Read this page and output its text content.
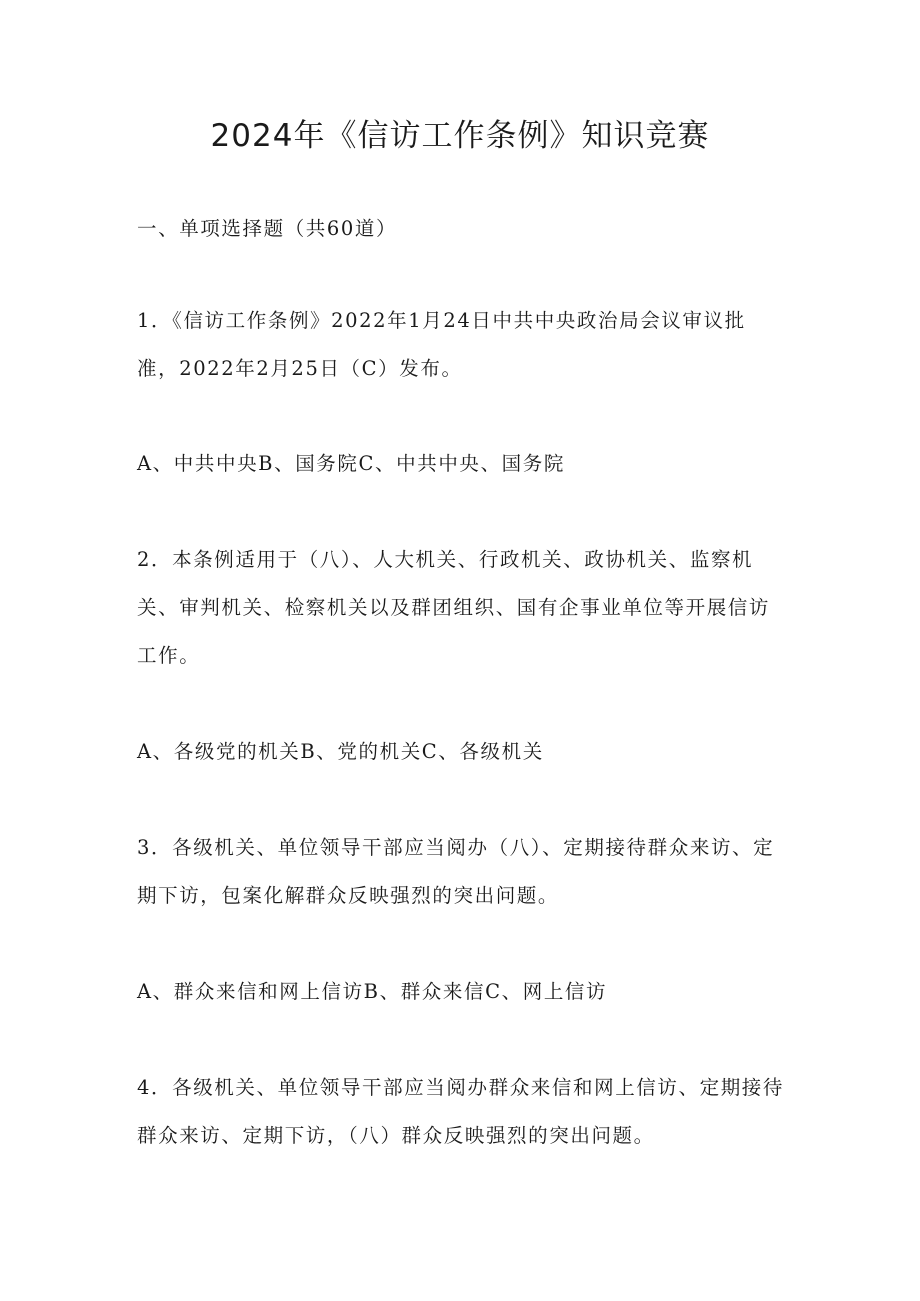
2024年《信访工作条例》知识竞赛

一、单项选择题（共60道）

1．《信访工作条例》2022年1月24日中共中央政治局会议审议批准，2022年2月25日（C）发布。

A、中共中央B、国务院C、中共中央、国务院

2．本条例适用于（八）、人大机关、行政机关、政协机关、监察机关、审判机关、检察机关以及群团组织、国有企事业单位等开展信访工作。

A、各级党的机关B、党的机关C、各级机关

3．各级机关、单位领导干部应当阅办（八）、定期接待群众来访、定期下访，包案化解群众反映强烈的突出问题。

A、群众来信和网上信访B、群众来信C、网上信访

4．各级机关、单位领导干部应当阅办群众来信和网上信访、定期接待群众来访、定期下访，（八）群众反映强烈的突出问题。
